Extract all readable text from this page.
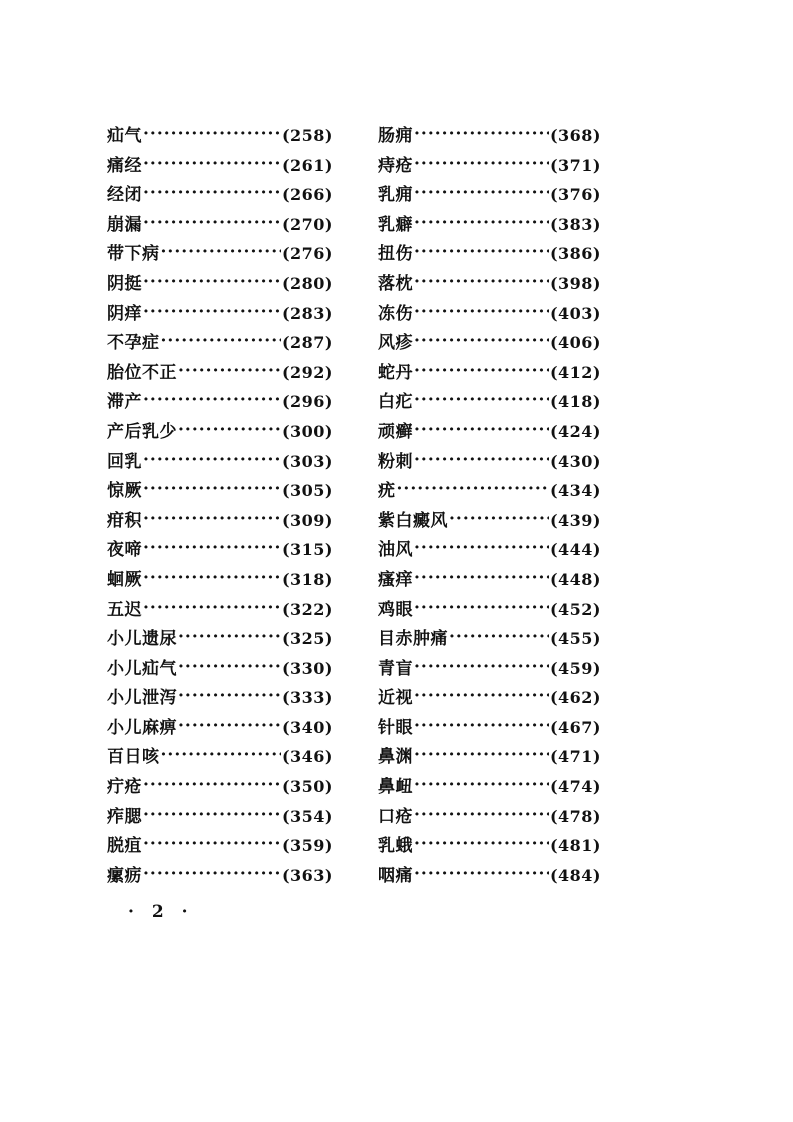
疝气 ·····	(258)
痛经 ·····	(261)
经闭 ·····	(266)
崩漏 ·····	(270)
带下病 ·····	(276)
阴挺 ·····	(280)
阴痒 ·····	(283)
不孕症 ·····	(287)
胎位不正 ·····	(292)
滞产 ·····	(296)
产后乳少 ·····	(300)
回乳 ·····	(303)
惊厥 ·····	(305)
疳积 ·····	(309)
夜啼 ·····	(315)
蛔厥 ·····	(318)
五迟 ·····	(322)
小儿遗尿 ·····	(325)
小儿疝气 ·····	(330)
小儿泄泻 ·····	(333)
小儿麻痹 ·····	(340)
百日咳 ·····	(346)
疔疮 ·····	(350)
痄腮 ·····	(354)
脱疽 ·····	(359)
瘰疬 ·····	(363)
肠痈 ·····	(368)
痔疮 ·····	(371)
乳痈 ·····	(376)
乳癖 ·····	(383)
扭伤 ·····	(386)
落枕 ·····	(398)
冻伤 ·····	(403)
风疹 ·····	(406)
蛇丹 ·····	(412)
白疕 ·····	(418)
顽癣 ·····	(424)
粉刺 ·····	(430)
疣 ·····	(434)
紫白癜风 ·····	(439)
油风 ·····	(444)
瘙痒 ·····	(448)
鸡眼 ·····	(452)
目赤肿痛 ·····	(455)
青盲 ·····	(459)
近视 ·····	(462)
针眼 ·····	(467)
鼻渊 ·····	(471)
鼻衄 ·····	(474)
口疮 ·····	(478)
乳蛾 ·····	(481)
咽痛 ·····	(484)
· 2 ·
